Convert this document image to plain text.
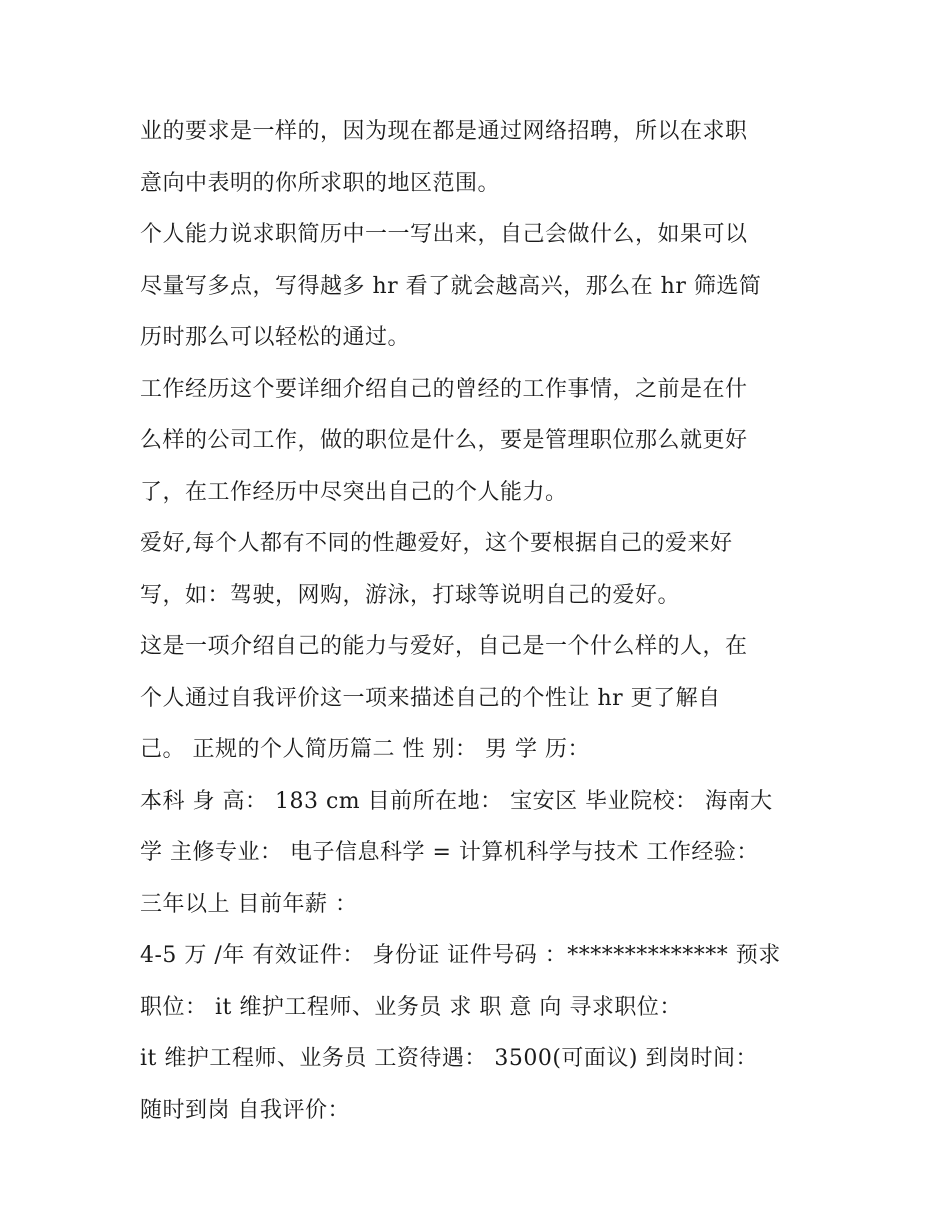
业的要求是一样的，因为现在都是通过网络招聘，所以在求职
意向中表明的你所求职的地区范围。
个人能力说求职简历中一一写出来，自己会做什么，如果可以
尽量写多点，写得越多 hr 看了就会越高兴，那么在 hr 筛选简
历时那么可以轻松的通过。
工作经历这个要详细介绍自己的曾经的工作事情，之前是在什
么样的公司工作，做的职位是什么，要是管理职位那么就更好
了，在工作经历中尽突出自己的个人能力。
爱好,每个人都有不同的性趣爱好，这个要根据自己的爱来好
写，如：驾驶，网购，游泳，打球等说明自己的爱好。
这是一项介绍自己的能力与爱好，自己是一个什么样的人，在
个人通过自我评价这一项来描述自己的个性让 hr 更了解自
己。 正规的个人简历篇二 性 别： 男 学 历：
本科 身 高： 183 cm 目前所在地： 宝安区 毕业院校： 海南大
学 主修专业： 电子信息科学 = 计算机科学与技术 工作经验：
三年以上 目前年薪 ：
4-5 万 /年 有效证件： 身份证 证件号码 ：************** 预求
职位： it 维护工程师、业务员 求 职 意 向 寻求职位：
it 维护工程师、业务员 工资待遇： 3500(可面议) 到岗时间：
随时到岗 自我评价：
